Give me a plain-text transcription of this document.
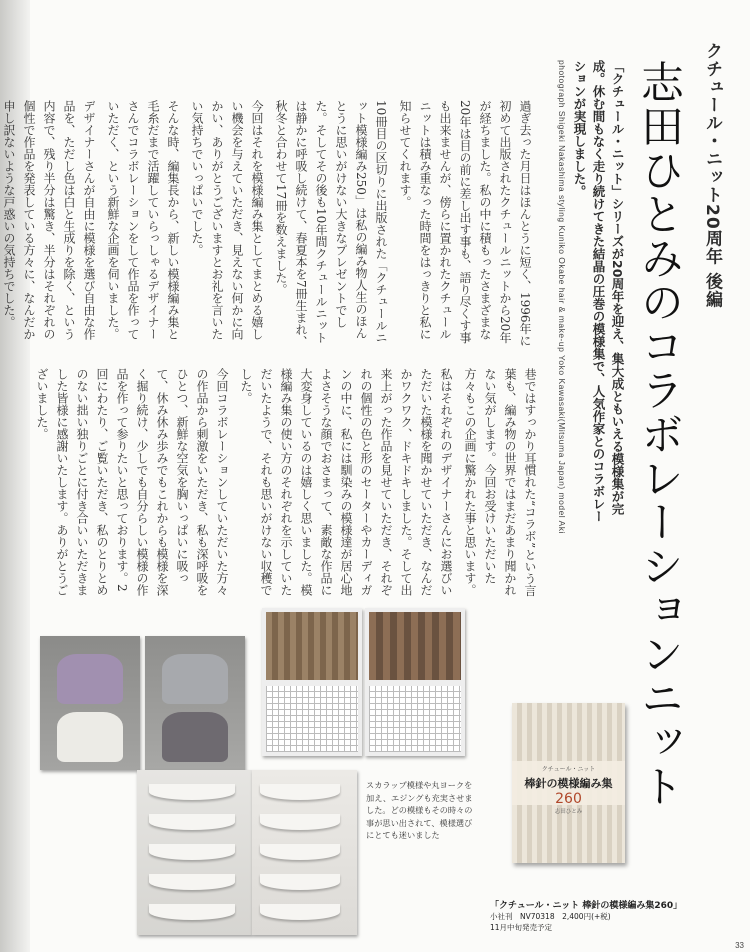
クチュール・ニット20周年 後編
志田ひとみのコラボレーションニット
「クチュール・ニット」シリーズが20周年を迎え、集大成ともいえる模様集が完成。休む間もなく走り続けてきた結晶の圧巻の模様集で、人気作家とのコラボレーションが実現しました。
photograph Shigeki Nakashima styling Kuniko Okabe hair & make-up Yoko Kawasaki(Mitsuma Japan) model Aki

過ぎ去った月日はほんとうに短く、1996年に初めて出版されたクチュールニットから20年が経ちました。私の中に積もったさまざまな20年は目の前に差し出す事も、語り尽くす事も出来ませんが、傍らに置かれたクチュールニットは積み重なった時間をはっきりと私に知らせてくれます。

10冊目の区切りに出版された「クチュールニット模様編み250」は私の編み物人生のほんとうに思いがけない大きなプレゼントでした。そしてその後も10年間クチュールニットは静かに呼吸し続けて、春夏本を7冊生まれ、秋冬と合わせて17冊を数えました。

今回はそれを模様編み集としてまとめる嬉しい機会を与えていただき、見えない何かに向かい、ありがとうございますとお礼を言いたい気持ちでいっぱいでした。

そんな時、編集長から、新しい模様編み集と毛糸だまで活躍していらっしゃるデザイナーさんでコラボレーションをして作品を作っていただく、という新鮮な企画を伺いました。

デザイナーさんが自由に模様を選び自由な作品を、ただし色は白と生成りを除く、という内容で、残り半分は驚き、半分はそれぞれの個性で作品を発表している方々に、なんだか申し訳ないような戸惑いの気持ちでした。

巷ではすっかり耳慣れた“コラボ”という言葉も、編み物の世界ではまだあまり聞かれない気がします。今回お受けいただいた方々もこの企画に驚かれた事と思います。

私はそれぞれのデザイナーさんにお選びいただいた模様を聞かせていただき、なんだかワクワク、ドキドキしました。そして出来上がった作品を見せていただき、それぞれの個性の色と形のセーターやカーディガンの中に、私には馴染みの模様達が居心地よさそうな顔でおさまって、素敵な作品に大変身しているのは嬉しく思いました。模様編み集の使い方のそれぞれを示していただいたようで、それも思いがけない収穫でした。

今回コラボレーションしていただいた方々の作品から刺激をいただき、私も深呼吸をひとつ、新鮮な空気を胸いっぱいに吸って、休み休み歩みでもこれからも模様を深く掘り続け、少しでも自分らしい模様の作品を作って参りたいと思っております。2回にわたり、ご覧いただき、私のとりとめのない拙い独りごとに付き合いいただきました皆様に感謝いたします。ありがとうございました。

スカラップ模様や丸ヨークを加え、エジングも充実させました。どの模様もその時々の事が思い出されて、模様選びにとても迷いました
クチュール・ニット
棒針の模様編み集
260
志田ひとみ
「クチュール・ニット 棒針の模様編み集260」
小社刊　NV70318　2,400円(+税)
11月中旬発売予定
33
